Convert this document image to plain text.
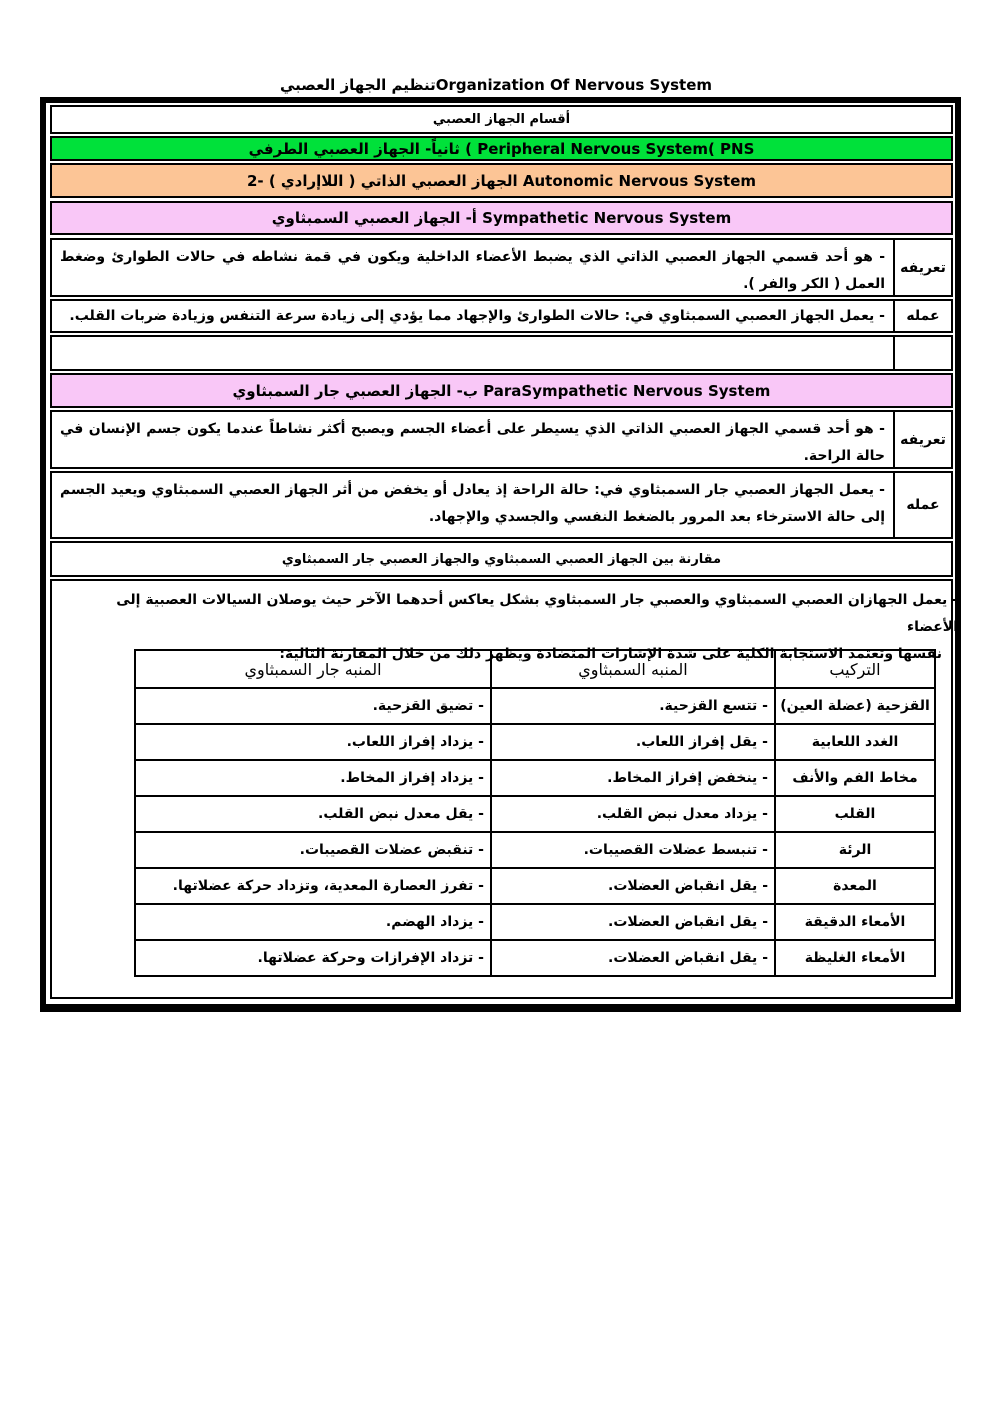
تنظيم الجهاز العصبيOrganization Of Nervous System
أقسام الجهاز العصبي
ثانياً- الجهاز العصبي الطرفي ( Peripheral Nervous System( PNS
2- الجهاز العصبي الذاتي ( اللاإرادي ) Autonomic Nervous System
أ- الجهاز العصبي السمبثاوي Sympathetic Nervous System
تعريفه
- هو أحد قسمي الجهاز العصبي الذاتي الذي يضبط الأعضاء الداخلية ويكون في قمة نشاطه في حالات الطوارئ وضغط العمل ( الكر والفر ).
عمله
- يعمل الجهاز العصبي السمبثاوي في: حالات الطوارئ والإجهاد مما يؤدي إلى زيادة سرعة التنفس وزيادة ضربات القلب.
ب- الجهاز العصبي جار السمبثاوي ParaSympathetic Nervous System
تعريفه
- هو أحد قسمي الجهاز العصبي الذاتي الذي يسيطر على أعضاء الجسم ويصبح أكثر نشاطاً عندما يكون جسم الإنسان في حالة الراحة.
عمله
- يعمل الجهاز العصبي جار السمبثاوي في: حالة الراحة إذ يعادل أو يخفض من أثر الجهاز العصبي السمبثاوي ويعيد الجسم إلى حالة الاسترخاء بعد المرور بالضغط النفسي والجسدي والإجهاد.
مقارنة بين الجهاز العصبي السمبثاوي والجهاز العصبي جار السمبثاوي
- يعمل الجهازان العصبي السمبثاوي والعصبي جار السمبثاوي بشكل يعاكس أحدهما الآخر حيث يوصلان السيالات العصبية إلى الأعضاء
نفسها وتعتمد الاستجابة الكلية على شدة الإشارات المتضادة ويظهر ذلك من خلال المقارنة التالية:
التركيب	المنبه السمبثاوي	المنبه جار السمبثاوي
القزحية (عضلة العين)	- تتسع القزحية.	- تضيق القزحية.
الغدد اللعابية	- يقل إفراز اللعاب.	- يزداد إفراز اللعاب.
مخاط الفم والأنف	- ينخفض إفراز المخاط.	- يزداد إفراز المخاط.
القلب	- يزداد معدل نبض القلب.	- يقل معدل نبض القلب.
الرئة	- تنبسط عضلات القصيبات.	- تنقبض عضلات القصيبات.
المعدة	- يقل انقباض العضلات.	- تفرز العصارة المعدية، وتزداد حركة عضلاتها.
الأمعاء الدقيقة	- يقل انقباض العضلات.	- يزداد الهضم.
الأمعاء الغليظة	- يقل انقباض العضلات.	- تزداد الإفرازات وحركة عضلاتها.
